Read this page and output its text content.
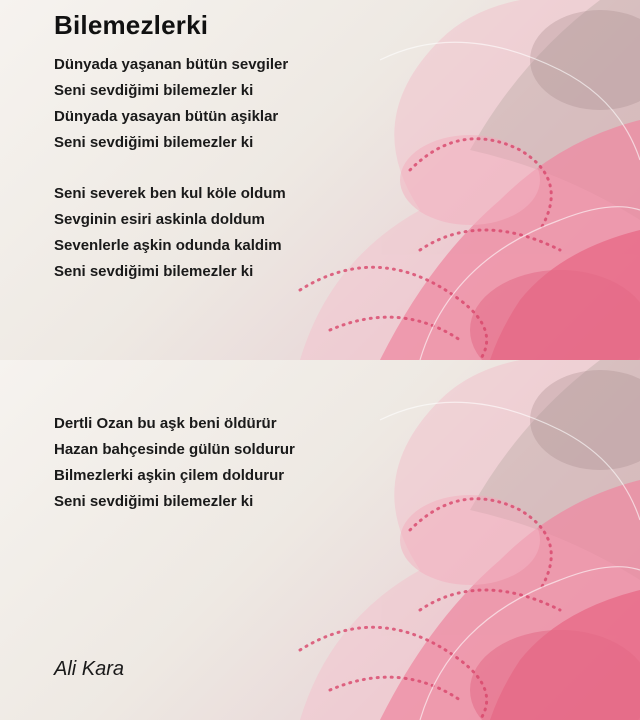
Bilemezlerki
Dünyada yaşanan bütün sevgiler
Seni sevdiğimi bilemezler ki
Dünyada yasayan bütün aşiklar
Seni sevdiğimi bilemezler ki
Seni severek ben kul köle oldum
Sevginin esiri askinla doldum
Sevenlerle aşkin odunda kaldim
Seni sevdiğimi bilemezler ki
Dertli Ozan bu aşk beni öldürür
Hazan bahçesinde gülün soldurur
Bilmezlerki aşkin çilem doldurur
Seni sevdiğimi bilemezler ki
Ali Kara
